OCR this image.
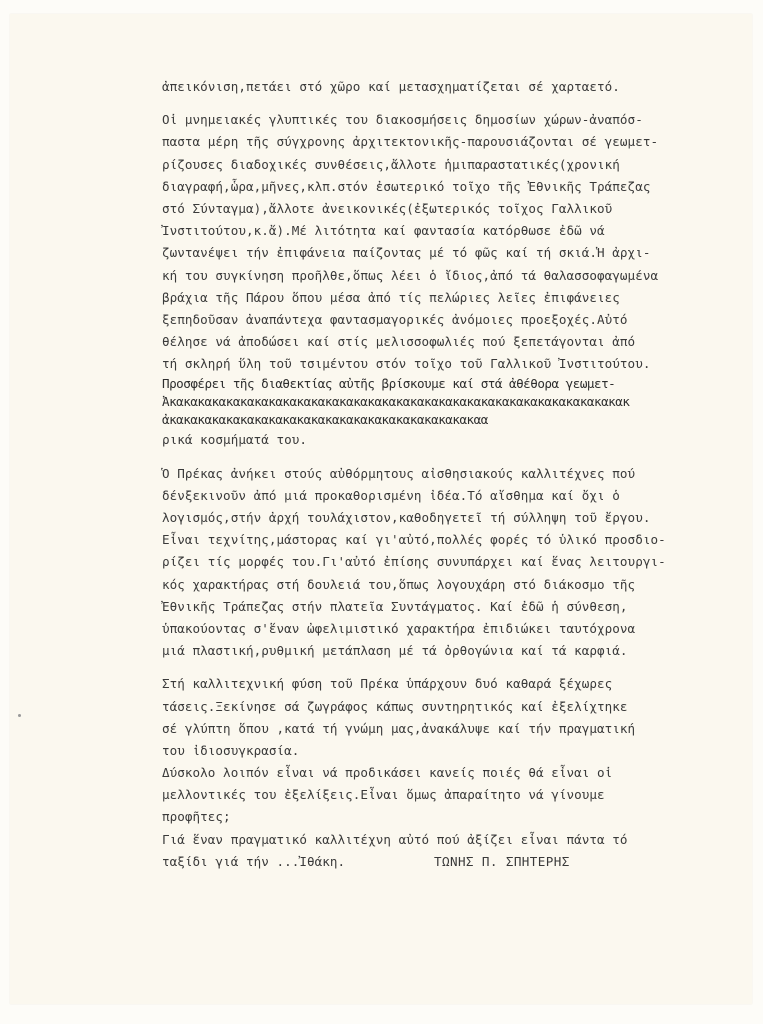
ἀπεικόνιση,πετάει στό χῶρο καί μετασχηματίζεται σέ χαρταετό.
Οἱ μνημειακές γλυπτικές του διακοσμήσεις δημοσίων χώρων-ἀναπόσ-
παστα μέρη τῆς σύγχρονης ἀρχιτεκτονικῆς-παρουσιάζονται σέ γεωμετ-
ρίζουσες διαδοχικές συνθέσεις,ἄλλοτε ἡμιπαραστατικές(χρονική
διαγραφή,ὧρα,μῆνες,κλπ.στόν ἐσωτερικό τοῖχο τῆς Ἐθνικῆς Τράπεζας
στό Σύνταγμα),ἄλλοτε ἀνεικονικές(ἐξωτερικός τοῖχος Γαλλικοῦ
Ἰνστιτούτου,κ.ἄ).Μέ λιτότητα καί φαντασία κατόρθωσε ἐδῶ νά
ζωντανέψει τήν ἐπιφάνεια παίζοντας μέ τό φῶς καί τή σκιά.Ἡ ἀρχι-
κή του συγκίνηση προῆλθε,ὅπως λέει ὁ ἴδιος,ἀπό τά θαλασσοφαγωμένα
βράχια τῆς Πάρου ὅπου μέσα ἀπό τίς πελώριες λεῖες ἐπιφάνειες
ξεπηδοῦσαν ἀναπάντεχα φαντασμαγορικές ἀνόμοιες προεξοχές.Αὐτό
θέλησε νά ἀποδώσει καί στίς μελισσοφωλιές πού ξεπετάγονται ἀπό
τή σκληρή ὕλη τοῦ τσιμέντου στόν τοῖχο τοῦ Γαλλικοῦ Ἰνστιτούτου.
Προσφέρει τῆς διαθεκτίας αὐτῆς βρίσκουμε καί στά ἀθέθορα γεωμετ-
Ἀκακακακακακακακακακακακακακακακακακακακακακακακακακακακακακακακακ
ἀκακακακακακακακακακακακακακακακακακακακακακαα
ρικά κοσμήματά του.
Ὁ Πρέκας ἀνήκει στούς αὐθόρμητους αἰσθησιακούς καλλιτέχνες πού
δένξεκινοῦν ἀπό μιά προκαθορισμένη ἰδέα.Τό αἴσθημα καί ὄχι ὁ
λογισμός,στήν ἀρχή τουλάχιστον,καθοδηγετεῖ τή σύλληψη τοῦ ἔργου.
Εἶναι τεχνίτης,μάστορας καί γι'αὐτό,πολλές φορές τό ὑλικό προσδιο-
ρίζει τίς μορφές του.Γι'αὐτό ἐπίσης συνυπάρχει καί ἕνας λειτουργι-
κός χαρακτήρας στή δουλειά του,ὅπως λογουχάρη στό διάκοσμο τῆς
Ἐθνικῆς Τράπεζας στήν πλατεῖα Συντάγματος. Καί ἐδῶ ἡ σύνθεση,
ὑπακούοντας σ'ἕναν ὠφελιμιστικό χαρακτήρα ἐπιδιώκει ταυτόχρονα
μιά πλαστική,ρυθμική μετάπλαση μέ τά ὀρθογώνια καί τά καρφιά.
Στή καλλιτεχνική φύση τοῦ Πρέκα ὑπάρχουν δυό καθαρά ξέχωρες
τάσεις.Ξεκίνησε σά ζωγράφος κάπως συντηρητικός καί ἐξελίχτηκε
σέ γλύπτη ὅπου ,κατά τή γνώμη μας,ἀνακάλυψε καί τήν πραγματική
του ἰδιοσυγκρασία.
Δύσκολο λοιπόν εἶναι νά προδικάσει κανείς ποιές θά εἶναι οἱ
μελλοντικές του ἐξελίξεις.Εἶναι ὅμως ἀπαραίτητο νά γίνουμε
προφῆτες;
Γιά ἕναν πραγματικό καλλιτέχνη αὐτό πού ἀξίζει εἶναι πάντα τό
ταξίδι γιά τήν ...Ἰθάκη.	ΤΩΝΗΣ Π. ΣΠΗΤΕΡΗΣ
